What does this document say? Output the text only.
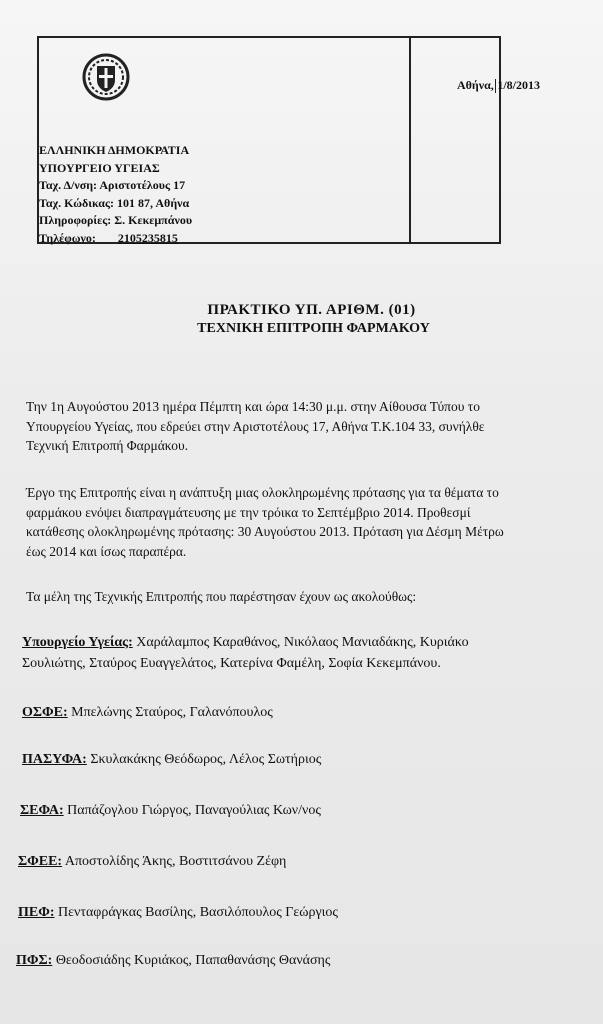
Αθήνα, 1/8/2013
ΕΛΛΗΝΙΚΗ ΔΗΜΟΚΡΑΤΙΑ
ΥΠΟΥΡΓΕΙΟ ΥΓΕΙΑΣ
Ταχ. Δ/νση: Αριστοτέλους 17
Ταχ. Κώδικας: 101 87, Αθήνα
Πληροφορίες: Σ. Κεκεμπάνου
Τηλέφωνο: 2105235815
ΠΡΑΚΤΙΚΟ ΥΠ. ΑΡΙΘΜ. (01)
ΤΕΧΝΙΚΗ ΕΠΙΤΡΟΠΗ ΦΑΡΜΑΚΟΥ
Την 1η Αυγούστου 2013 ημέρα Πέμπτη και ώρα 14:30 μ.μ. στην Αίθουσα Τύπου το
Υπουργείου Υγείας, που εδρεύει στην Αριστοτέλους 17, Αθήνα Τ.Κ.104 33, συνήλθε
Τεχνική Επιτροπή Φαρμάκου.
Έργο της Επιτροπής είναι η ανάπτυξη μιας ολοκληρωμένης πρότασης για τα θέματα το
φαρμάκου ενόψει διαπραγμάτευσης με την τρόικα το Σεπτέμβριο 2014. Προθεσμί
κατάθεσης ολοκληρωμένης πρότασης: 30 Αυγούστου 2013. Πρόταση για Δέσμη Μέτρω
έως 2014 και ίσως παραπέρα.
Τα μέλη της Τεχνικής Επιτροπής που παρέστησαν έχουν ως ακολούθως:
Υπουργείο Υγείας: Χαράλαμπος Καραθάνος, Νικόλαος Μανιαδάκης, Κυριάκο
Σουλιώτης, Σταύρος Ευαγγελάτος, Κατερίνα Φαμέλη, Σοφία Κεκεμπάνου.
ΟΣΦΕ: Μπελώνης Σταύρος, Γαλανόπουλος
ΠΑΣΥΦΑ: Σκυλακάκης Θεόδωρος, Λέλος Σωτήριος
ΣΕΦΑ: Παπάζογλου Γιώργος, Παναγούλιας Κων/νος
ΣΦΕΕ: Αποστολίδης Άκης, Βοστιτσάνου Ζέφη
ΠΕΦ: Πενταφράγκας Βασίλης, Βασιλόπουλος Γεώργιος
ΠΦΣ: Θεοδοσιάδης Κυριάκος, Παπαθανάσης Θανάσης
